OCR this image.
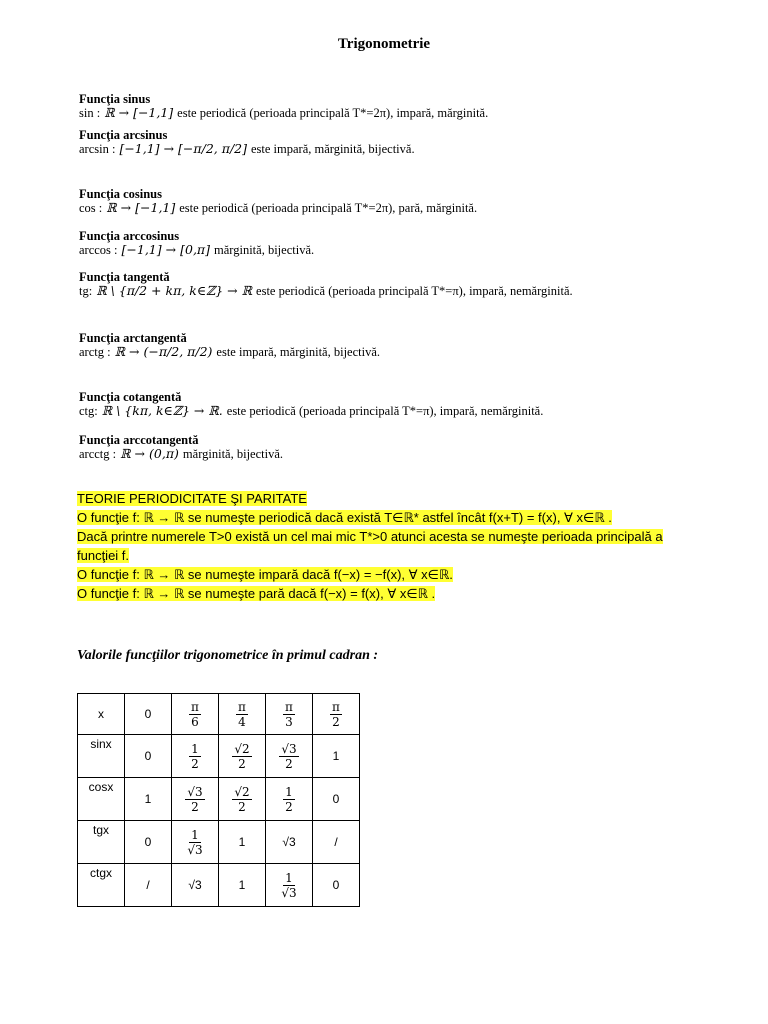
Trigonometrie
Funcţia sinus
sin : ℝ → [−1,1] este periodică (perioada principală T*=2π), impară, mărginită.
Funcţia arcsinus
arcsin : [−1,1] → [−π/2, π/2] este impară, mărginită, bijectivă.
Funcţia cosinus
cos : ℝ → [−1,1] este periodică (perioada principală T*=2π), pară, mărginită.
Funcţia arccosinus
arccos : [−1,1] → [0,π] mărginită, bijectivă.
Funcţia tangentă
tg: ℝ \ {π/2 + kπ, k∈ℤ} → ℝ este periodică (perioada principală T*=π), impară, nemărginită.
Funcţia arctangentă
arctg : ℝ → (−π/2, π/2) este impară, mărginită, bijectivă.
Funcţia cotangentă
ctg: ℝ \ {kπ, k∈ℤ} → ℝ. este periodică (perioada principală T*=π), impară, nemărginită.
Funcţia arccotangentă
arcctg : ℝ → (0,π) mărginită, bijectivă.
TEORIE PERIODICITATE ŞI PARITATE
O funcţie f: ℝ → ℝ se numeşte periodică dacă există T∈ℝ* astfel încât f(x+T) = f(x), ∀ x∈ℝ .
Dacă printre numerele T>0 există un cel mai mic T*>0 atunci acesta se numeşte perioada principală a funcţiei f.
O funcţie f: ℝ → ℝ se numeşte impară dacă f(−x) = −f(x), ∀ x∈ℝ.
O funcţie f: ℝ → ℝ se numeşte pară dacă f(−x) = f(x), ∀ x∈ℝ .
Valorile funcţiilor trigonometrice în primul cadran :
x	0	$\frac{\pi}{6}$	$\frac{\pi}{4}$	$\frac{\pi}{3}$	$\frac{\pi}{2}$

sinx	0	$\frac{1}{2}$	$\frac{√2}{2}$	$\frac{√3}{2}$	1
cosx	1	$\frac{√3}{2}$	$\frac{√2}{2}$	$\frac{1}{2}$	0
tgx	0	$\frac{1}{√3}$	1	√3	/
ctgx	/	√3	1	$\frac{1}{√3}$	0
